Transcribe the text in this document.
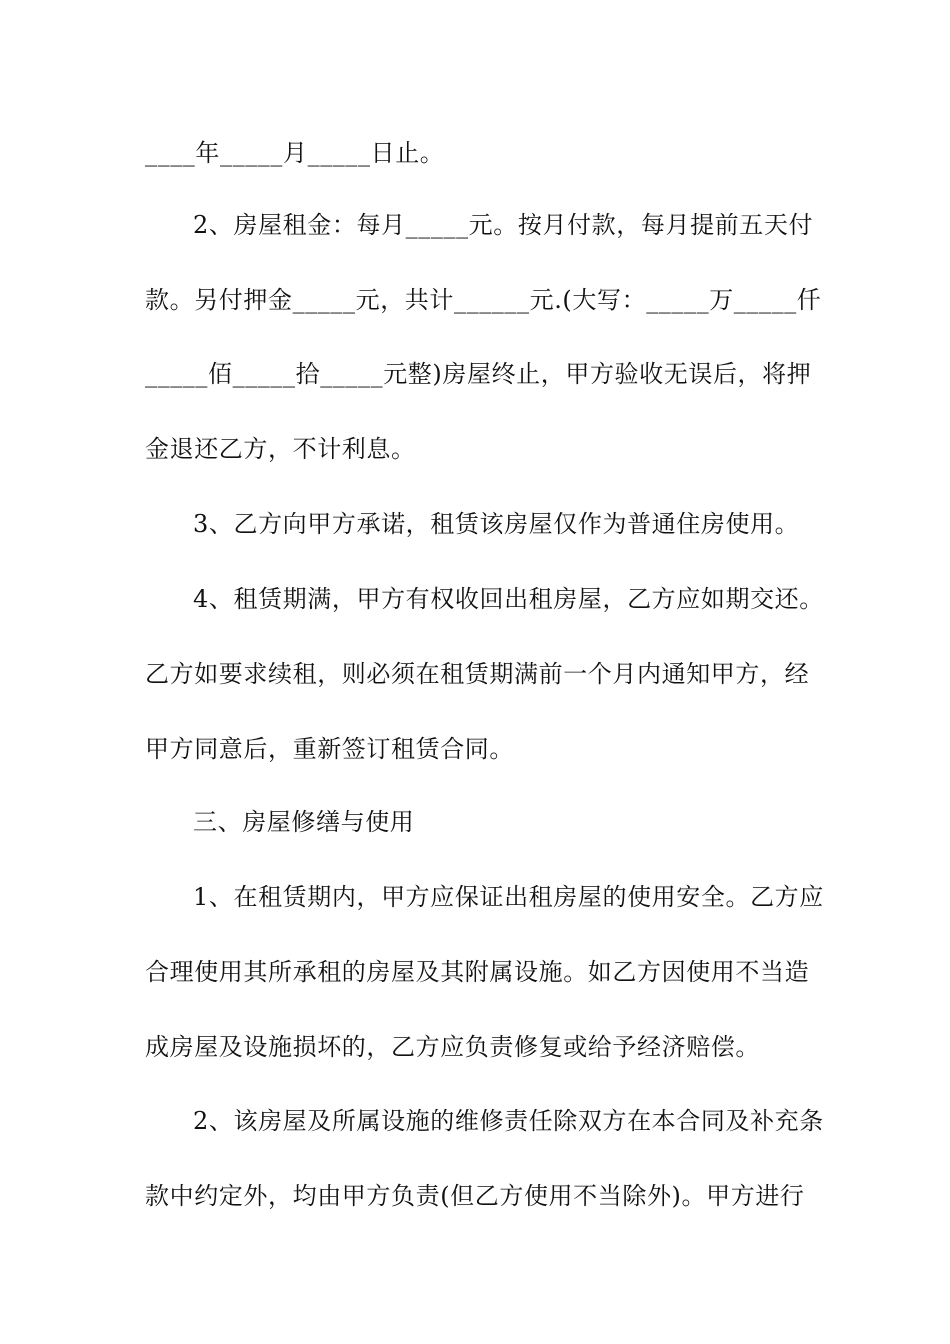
____年_____月_____日止。
2、房屋租金：每月_____元。按月付款，每月提前五天付
款。另付押金_____元，共计______元.(大写：_____万_____仟
_____佰_____拾_____元整)房屋终止，甲方验收无误后，将押
金退还乙方，不计利息。
3、乙方向甲方承诺，租赁该房屋仅作为普通住房使用。
4、租赁期满，甲方有权收回出租房屋，乙方应如期交还。
乙方如要求续租，则必须在租赁期满前一个月内通知甲方，经
甲方同意后，重新签订租赁合同。
三、房屋修缮与使用
1、在租赁期内，甲方应保证出租房屋的使用安全。乙方应
合理使用其所承租的房屋及其附属设施。如乙方因使用不当造
成房屋及设施损坏的，乙方应负责修复或给予经济赔偿。
2、该房屋及所属设施的维修责任除双方在本合同及补充条
款中约定外，均由甲方负责(但乙方使用不当除外)。甲方进行
